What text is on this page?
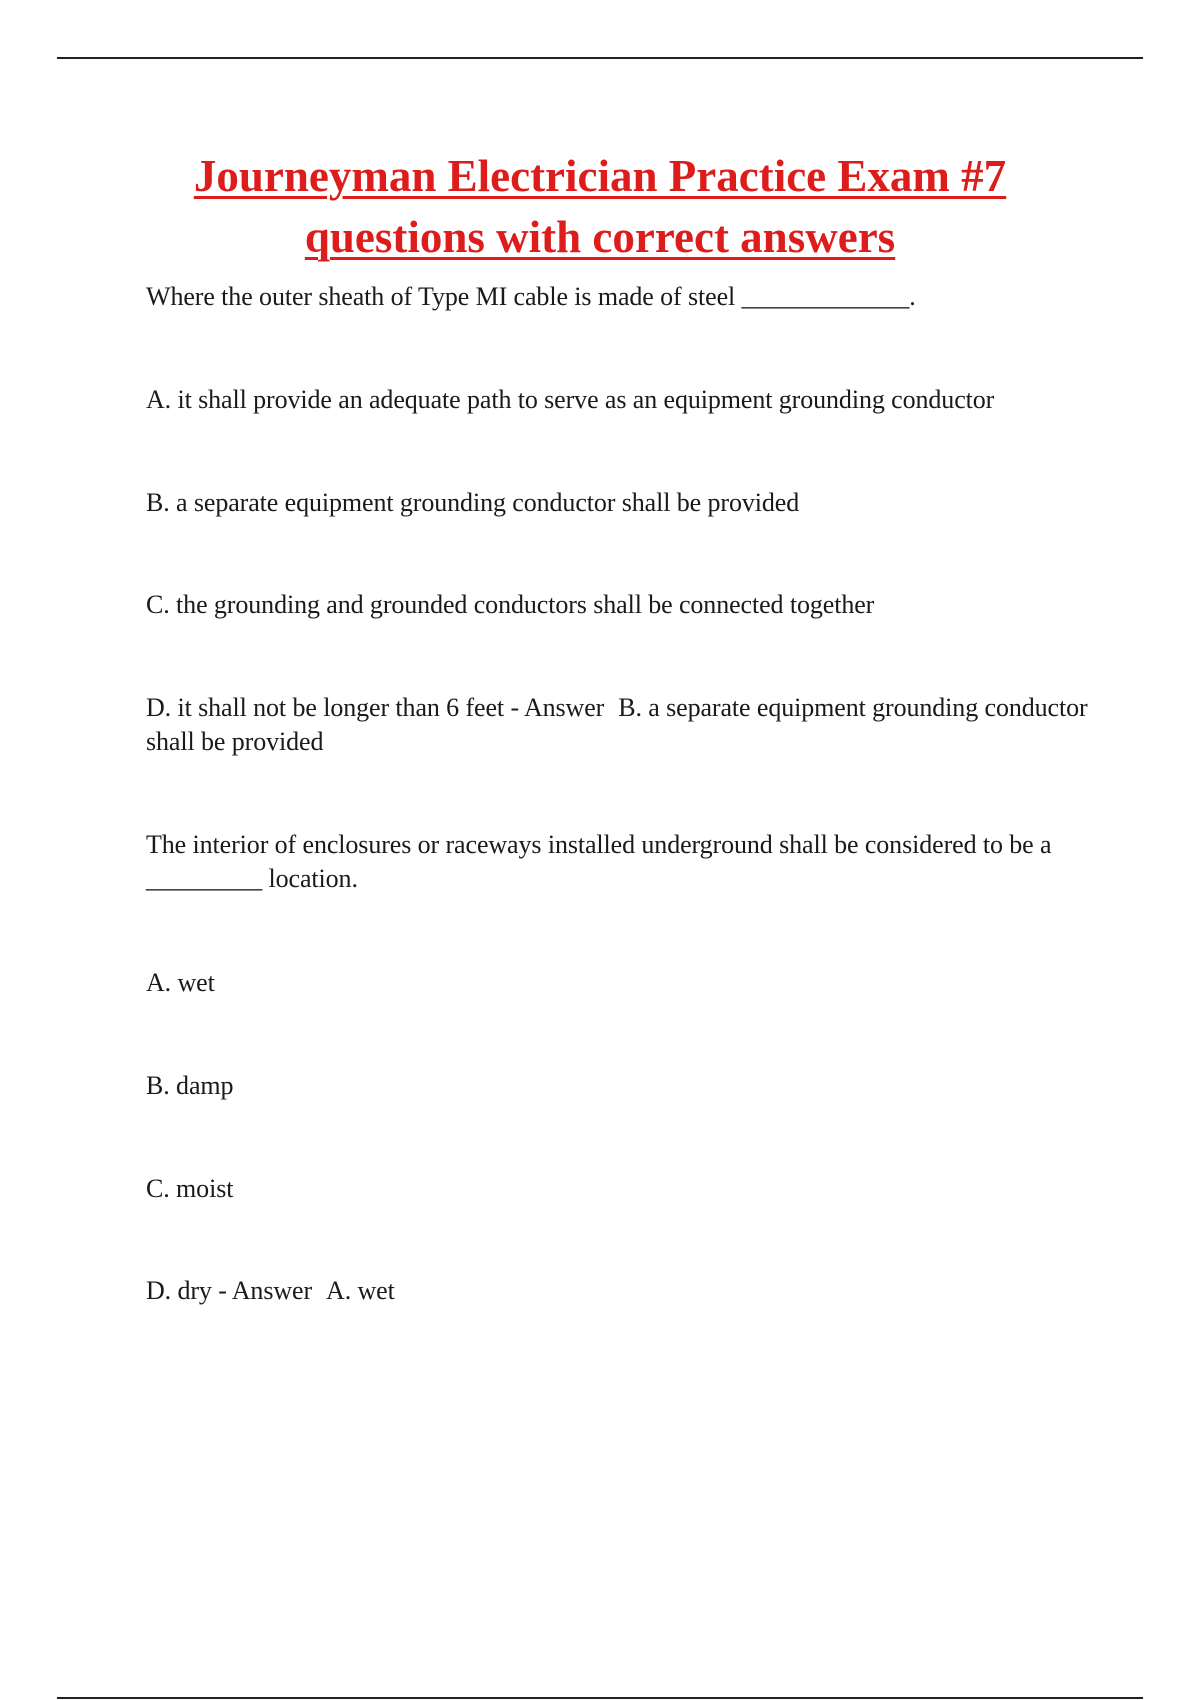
Journeyman Electrician Practice Exam #7
questions with correct answers

Where the outer sheath of Type MI cable is made of steel _____________.

A. it shall provide an adequate path to serve as an equipment grounding conductor

B. a separate equipment grounding conductor shall be provided

C. the grounding and grounded conductors shall be connected together

D. it shall not be longer than 6 feet - Answer B. a separate equipment grounding conductor shall be provided

The interior of enclosures or raceways installed underground shall be considered to be a _________ location.

A. wet

B. damp

C. moist

D. dry - Answer A. wet
